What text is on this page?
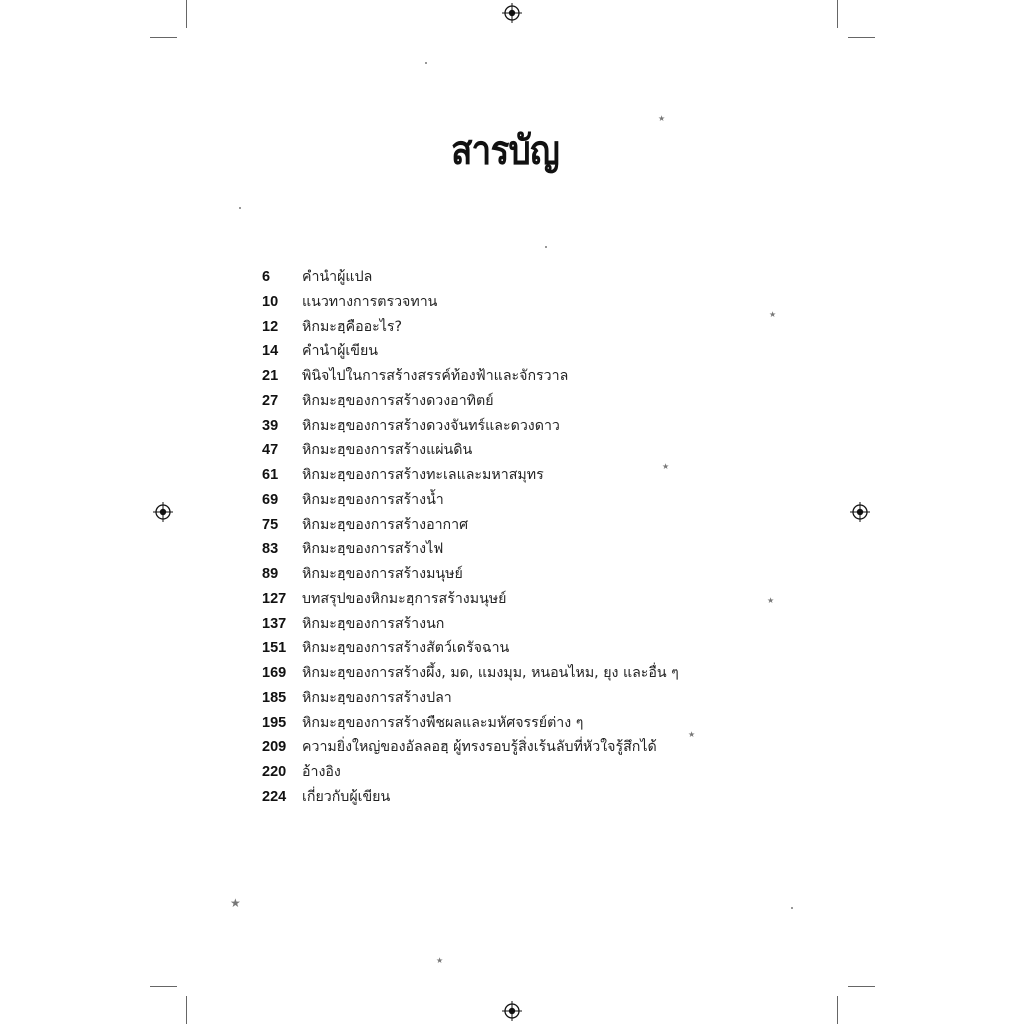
★
★
★
★
★
★
★
สารบัญ
6	คำนำผู้แปล
10	แนวทางการตรวจทาน
12	หิกมะฮฺคืออะไร?
14	คำนำผู้เขียน
21	พินิจไปในการสร้างสรรค์ท้องฟ้าและจักรวาล
27	หิกมะฮฺของการสร้างดวงอาทิตย์
39	หิกมะฮฺของการสร้างดวงจันทร์และดวงดาว
47	หิกมะฮฺของการสร้างแผ่นดิน
61	หิกมะฮฺของการสร้างทะเลและมหาสมุทร
69	หิกมะฮฺของการสร้างน้ำ
75	หิกมะฮฺของการสร้างอากาศ
83	หิกมะฮฺของการสร้างไฟ
89	หิกมะฮฺของการสร้างมนุษย์
127	บทสรุปของหิกมะฮฺการสร้างมนุษย์
137	หิกมะฮฺของการสร้างนก
151	หิกมะฮฺของการสร้างสัตว์เดรัจฉาน
169	หิกมะฮฺของการสร้างผึ้ง, มด, แมงมุม, หนอนไหม, ยุง และอื่น ๆ
185	หิกมะฮฺของการสร้างปลา
195	หิกมะฮฺของการสร้างพืชผลและมหัศจรรย์ต่าง ๆ
209	ความยิ่งใหญ่ของอัลลอฮฺ ผู้ทรงรอบรู้สิ่งเร้นลับที่หัวใจรู้สึกได้
220	อ้างอิง
224	เกี่ยวกับผู้เขียน
